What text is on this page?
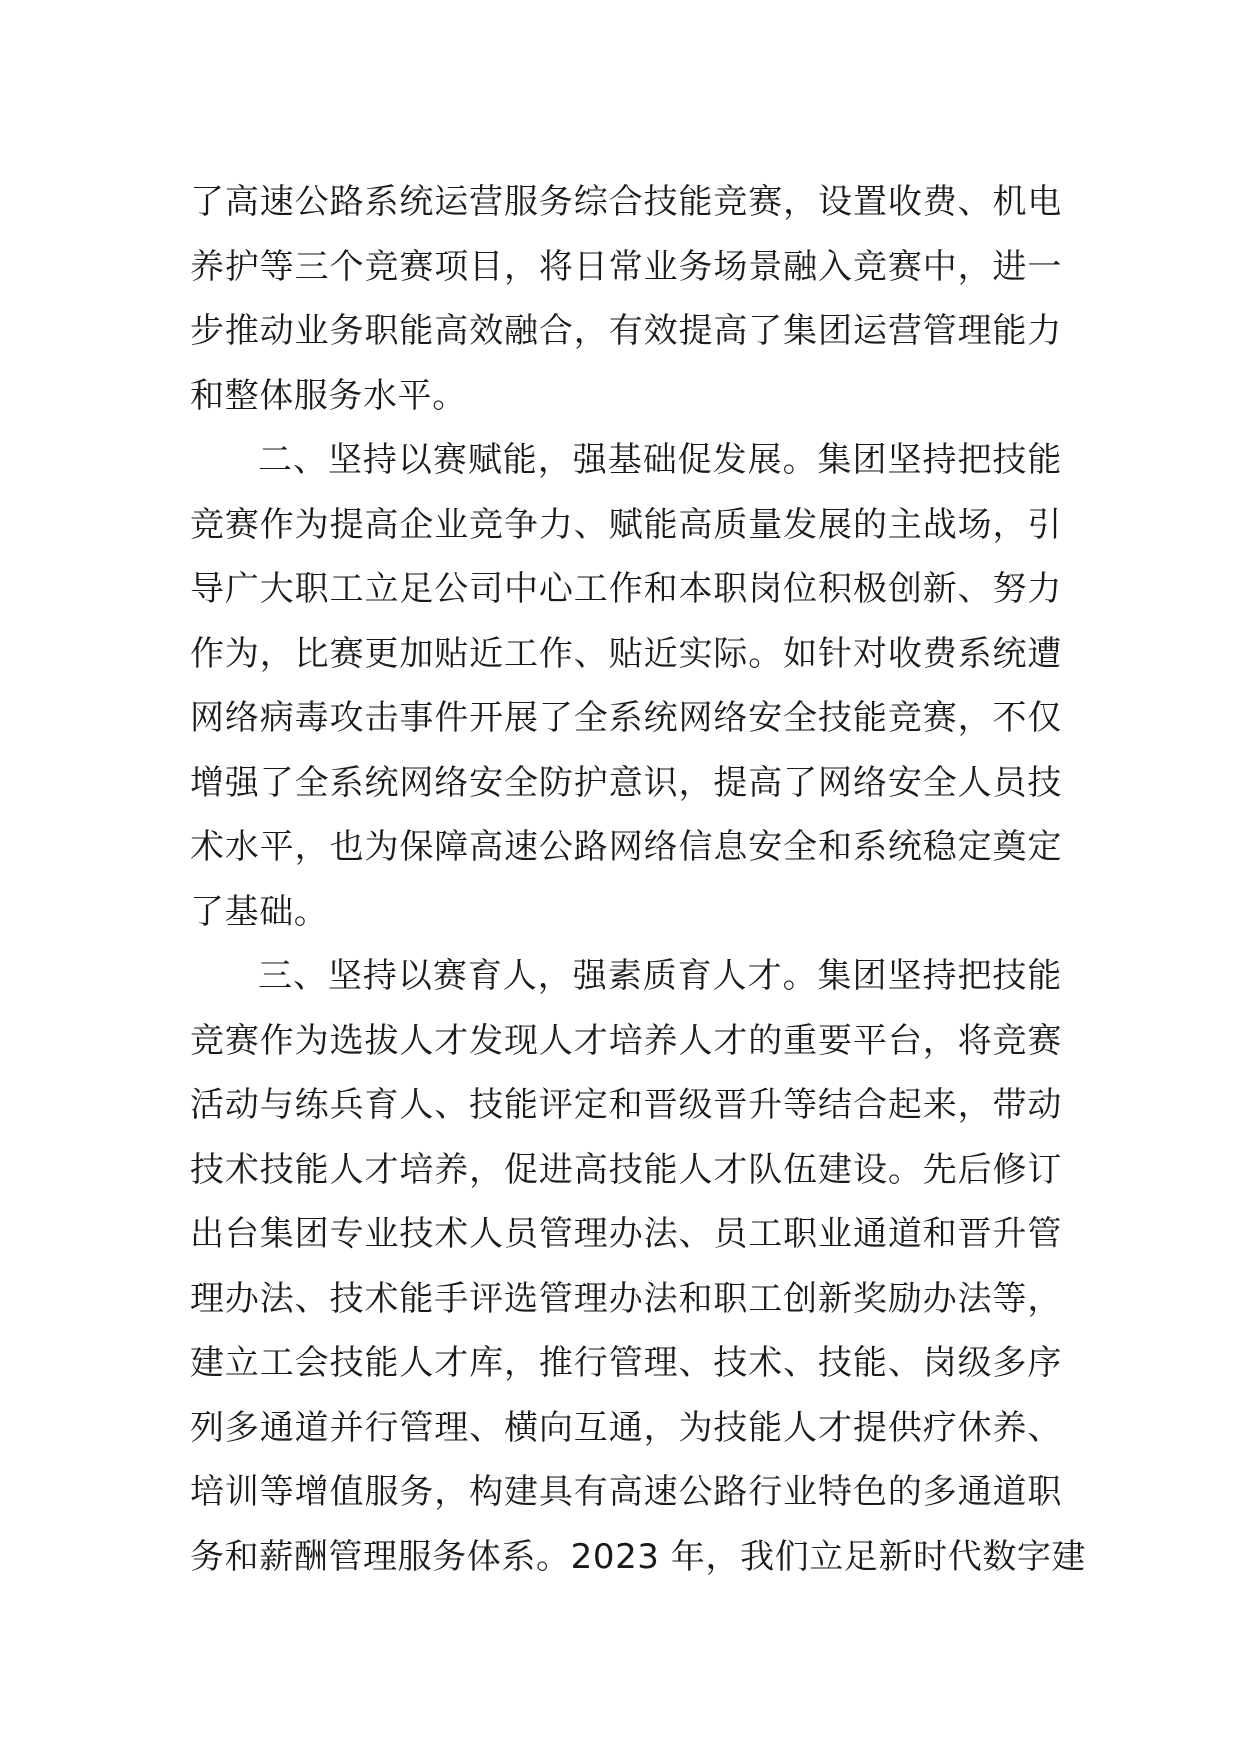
了高速公路系统运营服务综合技能竞赛，设置收费、机电
养护等三个竞赛项目，将日常业务场景融入竞赛中，进一
步推动业务职能高效融合，有效提高了集团运营管理能力
和整体服务水平。
二、坚持以赛赋能，强基础促发展。集团坚持把技能
竞赛作为提高企业竞争力、赋能高质量发展的主战场，引
导广大职工立足公司中心工作和本职岗位积极创新、努力
作为，比赛更加贴近工作、贴近实际。如针对收费系统遭
网络病毒攻击事件开展了全系统网络安全技能竞赛，不仅
增强了全系统网络安全防护意识，提高了网络安全人员技
术水平，也为保障高速公路网络信息安全和系统稳定奠定
了基础。
三、坚持以赛育人，强素质育人才。集团坚持把技能
竞赛作为选拔人才发现人才培养人才的重要平台，将竞赛
活动与练兵育人、技能评定和晋级晋升等结合起来，带动
技术技能人才培养，促进高技能人才队伍建设。先后修订
出台集团专业技术人员管理办法、员工职业通道和晋升管
理办法、技术能手评选管理办法和职工创新奖励办法等，
建立工会技能人才库，推行管理、技术、技能、岗级多序
列多通道并行管理、横向互通，为技能人才提供疗休养、
培训等增值服务，构建具有高速公路行业特色的多通道职
务和薪酬管理服务体系。2023 年，我们立足新时代数字建
